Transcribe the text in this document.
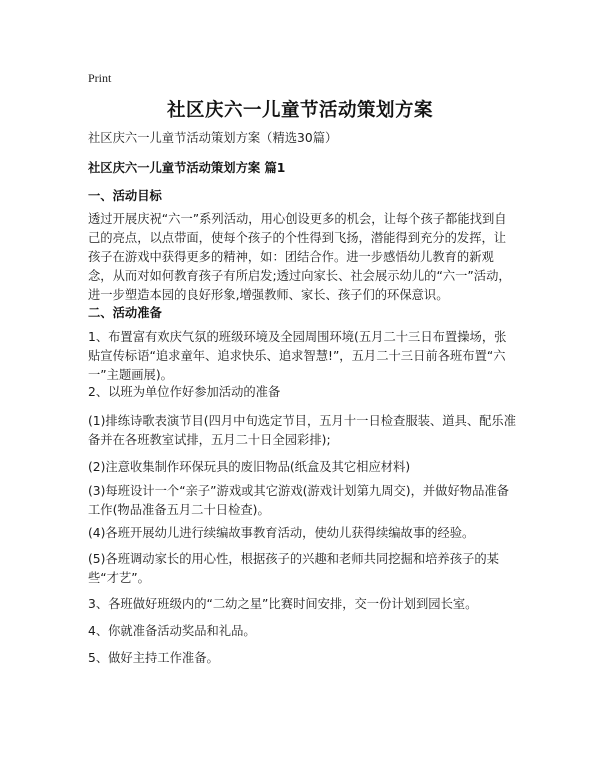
Print
社区庆六一儿童节活动策划方案

社区庆六一儿童节活动策划方案（精选30篇）

社区庆六一儿童节活动策划方案 篇1

一、活动目标

透过开展庆祝“六一”系列活动，用心创设更多的机会，让每个孩子都能找到自己的亮点，以点带面，使每个孩子的个性得到飞扬，潜能得到充分的发挥，让孩子在游戏中获得更多的精神，如：团结合作。进一步感悟幼儿教育的新观念，从而对如何教育孩子有所启发;透过向家长、社会展示幼儿的“六一”活动，进一步塑造本园的良好形象,增强教师、家长、孩子们的环保意识。

二、活动准备

1、布置富有欢庆气氛的班级环境及全园周围环境(五月二十三日布置操场，张贴宣传标语“追求童年、追求快乐、追求智慧!”，五月二十三日前各班布置“六一”主题画展)。

2、以班为单位作好参加活动的准备

(1)排练诗歌表演节目(四月中旬选定节目，五月十一日检查服装、道具、配乐准备并在各班教室试排，五月二十日全园彩排);

(2)注意收集制作环保玩具的废旧物品(纸盒及其它相应材料)

(3)每班设计一个“亲子”游戏或其它游戏(游戏计划第九周交)，并做好物品准备工作(物品准备五月二十日检查)。

(4)各班开展幼儿进行续编故事教育活动，使幼儿获得续编故事的经验。

(5)各班调动家长的用心性，根据孩子的兴趣和老师共同挖掘和培养孩子的某些“才艺”。

3、各班做好班级内的“二幼之星”比赛时间安排，交一份计划到园长室。

4、你就准备活动奖品和礼品。

5、做好主持工作准备。
